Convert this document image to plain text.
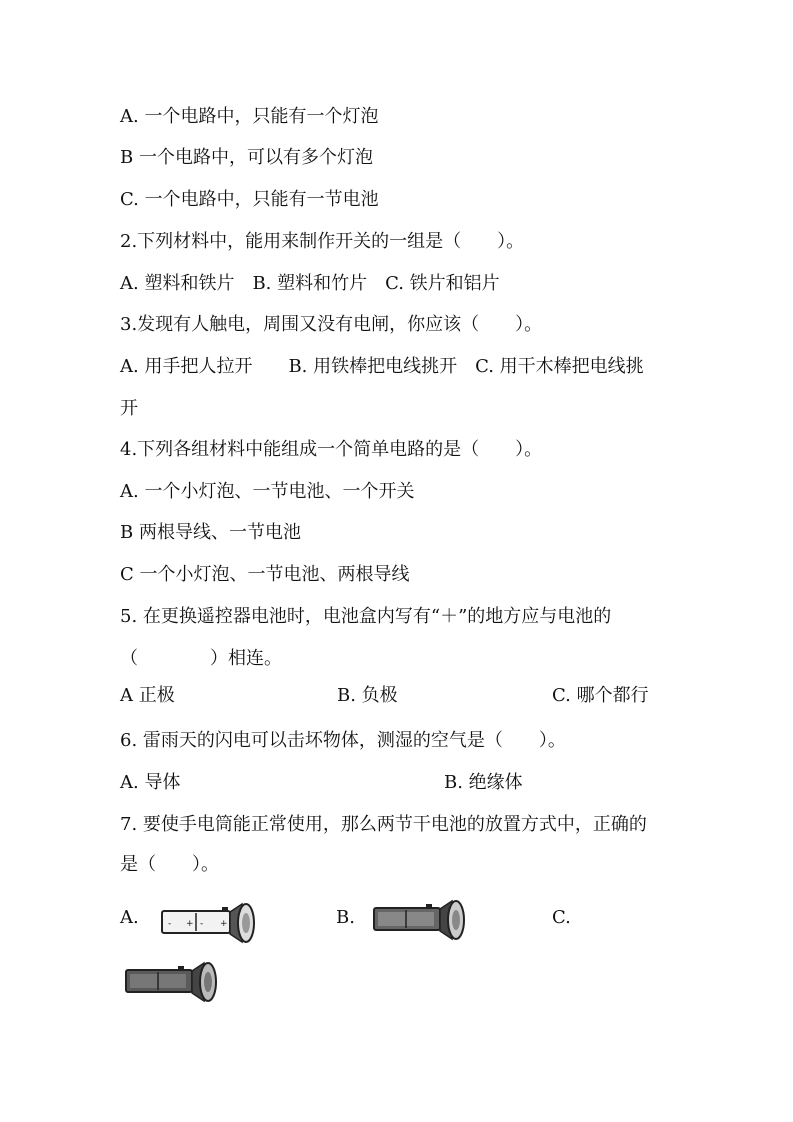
A. 一个电路中，只能有一个灯泡
B 一个电路中，可以有多个灯泡
C. 一个电路中，只能有一节电池
2.下列材料中，能用来制作开关的一组是（　　）。
A. 塑料和铁片　B. 塑料和竹片　C. 铁片和铝片
3.发现有人触电，周围又没有电闸，你应该（　　）。
A. 用手把人拉开　　B. 用铁棒把电线挑开　C. 用干木棒把电线挑
开
4.下列各组材料中能组成一个简单电路的是（　　）。
A. 一个小灯泡、一节电池、一个开关
B 两根导线、一节电池
C 一个小灯泡、一节电池、两根导线
5. 在更换遥控器电池时，电池盒内写有“＋”的地方应与电池的
（　　　　）相连。
A 正极	B. 负极	C. 哪个都行
6. 雷雨天的闪电可以击坏物体，测湿的空气是（　　）。
A. 导体	B. 绝缘体
7. 要使手电筒能正常使用，那么两节干电池的放置方式中，正确的
是（　　）。
A.	B.	C.
- + - +
